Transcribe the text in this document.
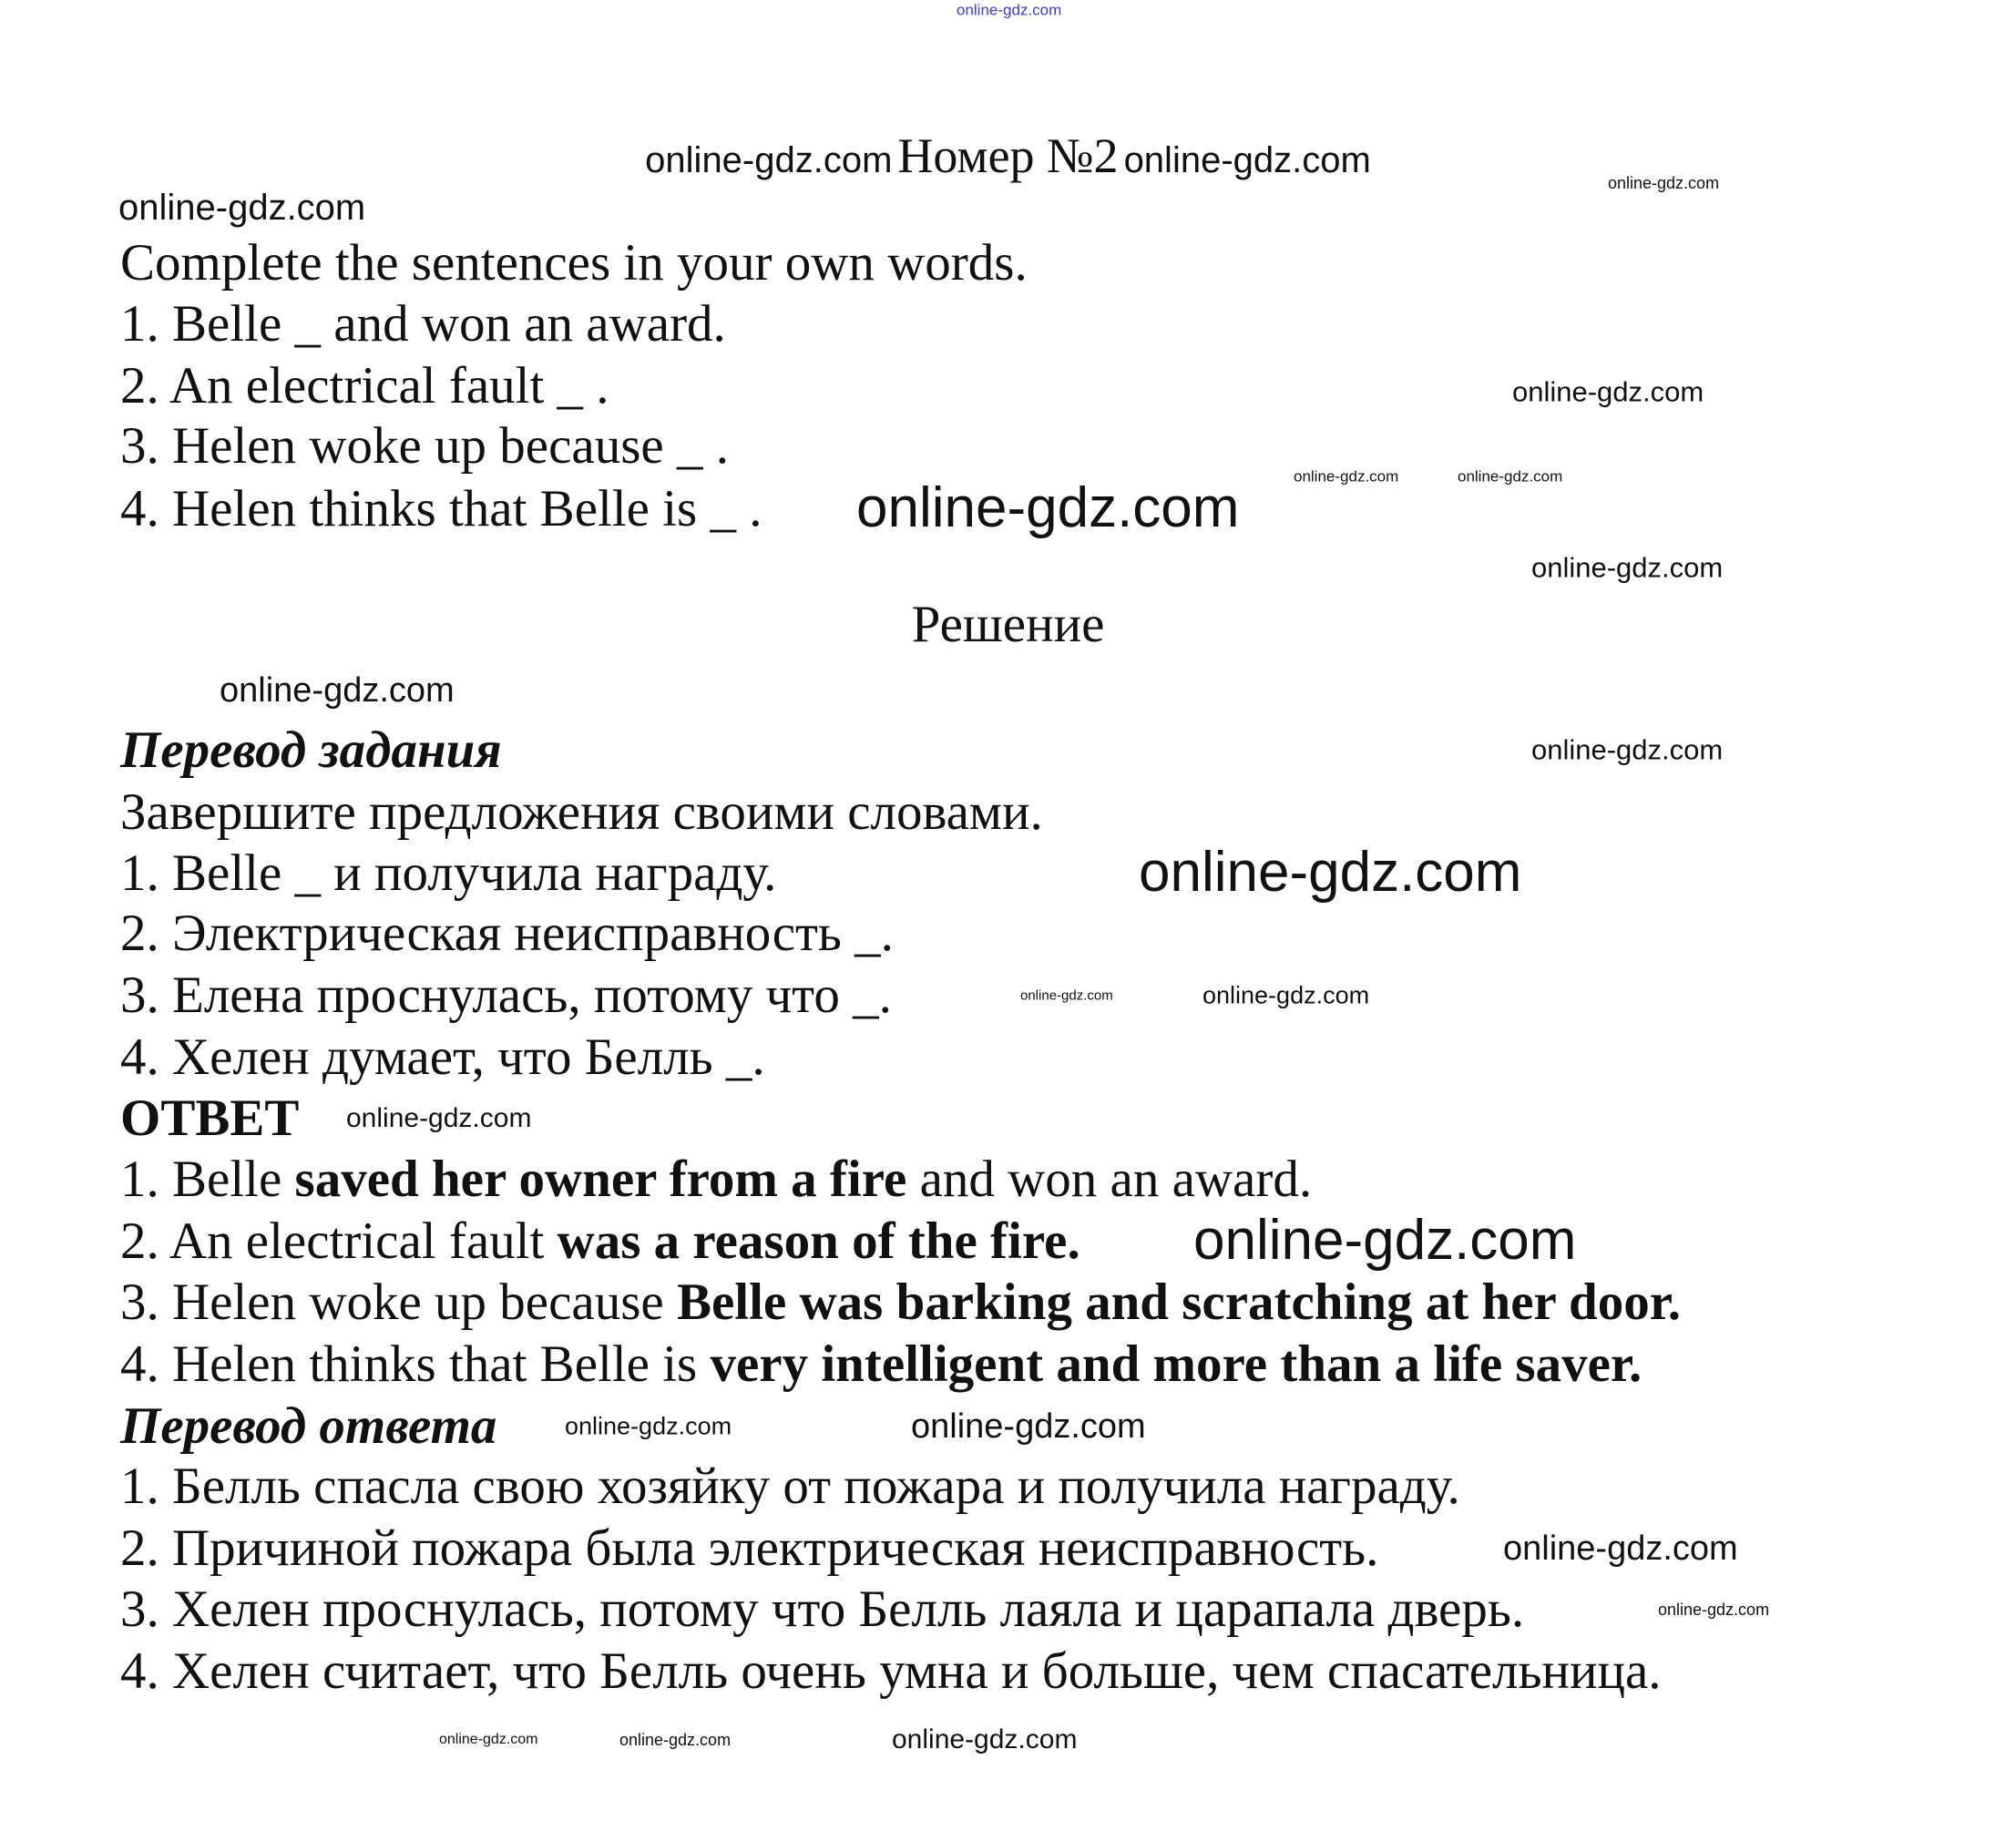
online-gdz.com
online-gdz.com Номер №2 online-gdz.com
Complete the sentences in your own words.
1. Belle _ and won an award.
2. An electrical fault _ .
3. Helen woke up because _ .
4. Helen thinks that Belle is _ .
Решение
Перевод задания
Завершите предложения своими словами.
1. Belle _ и получила награду.
2. Электрическая неисправность _.
3. Елена проснулась, потому что _.
4. Хелен думает, что Белль _.
ОТВЕТ
1. Belle saved her owner from a fire and won an award.
2. An electrical fault was a reason of the fire.
3. Helen woke up because Belle was barking and scratching at her door.
4. Helen thinks that Belle is very intelligent and more than a life saver.
Перевод ответа
1. Белль спасла свою хозяйку от пожара и получила награду.
2. Причиной пожара была электрическая неисправность.
3. Хелен проснулась, потому что Белль лаяла и царапала дверь.
4. Хелен считает, что Белль очень умна и больше, чем спасательница.
online-gdz.com
online-gdz.com
online-gdz.com
online-gdz.com	online-gdz.com
online-gdz.com
online-gdz.com
online-gdz.com
online-gdz.com
online-gdz.com
online-gdz.com	online-gdz.com
online-gdz.com
online-gdz.com
online-gdz.com	online-gdz.com
online-gdz.com
online-gdz.com
online-gdz.com	online-gdz.com	online-gdz.com
